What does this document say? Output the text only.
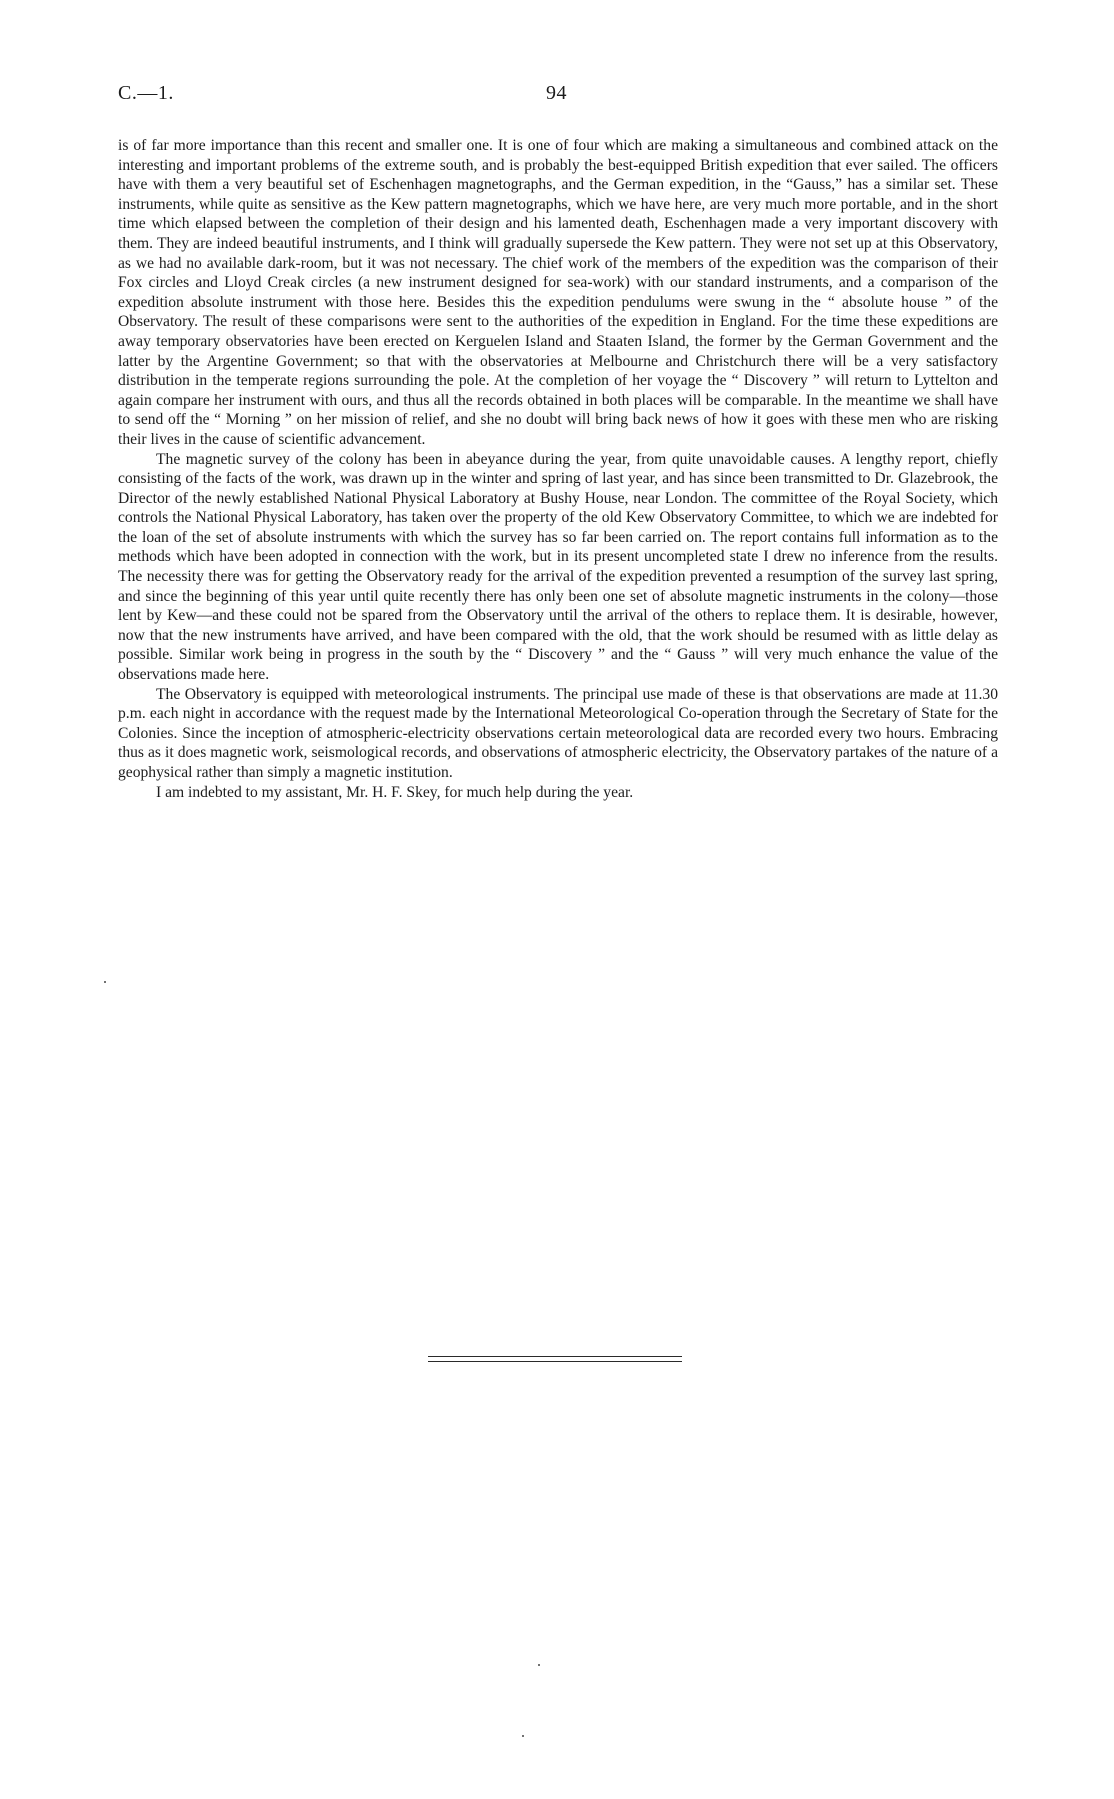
C.—1.	94

is of far more importance than this recent and smaller one. It is one of four which are making a simultaneous and combined attack on the interesting and important problems of the extreme south, and is probably the best-equipped British expedition that ever sailed. The officers have with them a very beautiful set of Eschenhagen magnetographs, and the German expedition, in the “Gauss,” has a similar set. These instruments, while quite as sensitive as the Kew pattern magnetographs, which we have here, are very much more portable, and in the short time which elapsed between the completion of their design and his lamented death, Eschenhagen made a very important discovery with them. They are indeed beautiful instruments, and I think will gradually supersede the Kew pattern. They were not set up at this Observatory, as we had no available dark-room, but it was not necessary. The chief work of the members of the expedition was the comparison of their Fox circles and Lloyd Creak circles (a new instrument designed for sea-work) with our standard instruments, and a comparison of the expedition absolute instrument with those here. Besides this the expedition pendulums were swung in the “ absolute house ” of the Observatory. The result of these comparisons were sent to the authorities of the expedition in England. For the time these expeditions are away temporary observatories have been erected on Kerguelen Island and Staaten Island, the former by the German Government and the latter by the Argentine Government; so that with the observatories at Melbourne and Christchurch there will be a very satisfactory distribution in the temperate regions surrounding the pole. At the completion of her voyage the “ Discovery ” will return to Lyttelton and again compare her instrument with ours, and thus all the records obtained in both places will be comparable. In the meantime we shall have to send off the “ Morning ” on her mission of relief, and she no doubt will bring back news of how it goes with these men who are risking their lives in the cause of scientific advancement.

The magnetic survey of the colony has been in abeyance during the year, from quite unavoidable causes. A lengthy report, chiefly consisting of the facts of the work, was drawn up in the winter and spring of last year, and has since been transmitted to Dr. Glazebrook, the Director of the newly established National Physical Laboratory at Bushy House, near London. The committee of the Royal Society, which controls the National Physical Laboratory, has taken over the property of the old Kew Observatory Committee, to which we are indebted for the loan of the set of absolute instruments with which the survey has so far been carried on. The report contains full information as to the methods which have been adopted in connection with the work, but in its present uncompleted state I drew no inference from the results. The necessity there was for getting the Observatory ready for the arrival of the expedition prevented a resumption of the survey last spring, and since the beginning of this year until quite recently there has only been one set of absolute magnetic instruments in the colony—those lent by Kew—and these could not be spared from the Observatory until the arrival of the others to replace them. It is desirable, however, now that the new instruments have arrived, and have been compared with the old, that the work should be resumed with as little delay as possible. Similar work being in progress in the south by the “ Discovery ” and the “ Gauss ” will very much enhance the value of the observations made here.

The Observatory is equipped with meteorological instruments. The principal use made of these is that observations are made at 11.30 p.m. each night in accordance with the request made by the International Meteorological Co-operation through the Secretary of State for the Colonies. Since the inception of atmospheric-electricity observations certain meteorological data are recorded every two hours. Embracing thus as it does magnetic work, seismological records, and observations of atmospheric electricity, the Observatory partakes of the nature of a geophysical rather than simply a magnetic institution.

I am indebted to my assistant, Mr. H. F. Skey, for much help during the year.
